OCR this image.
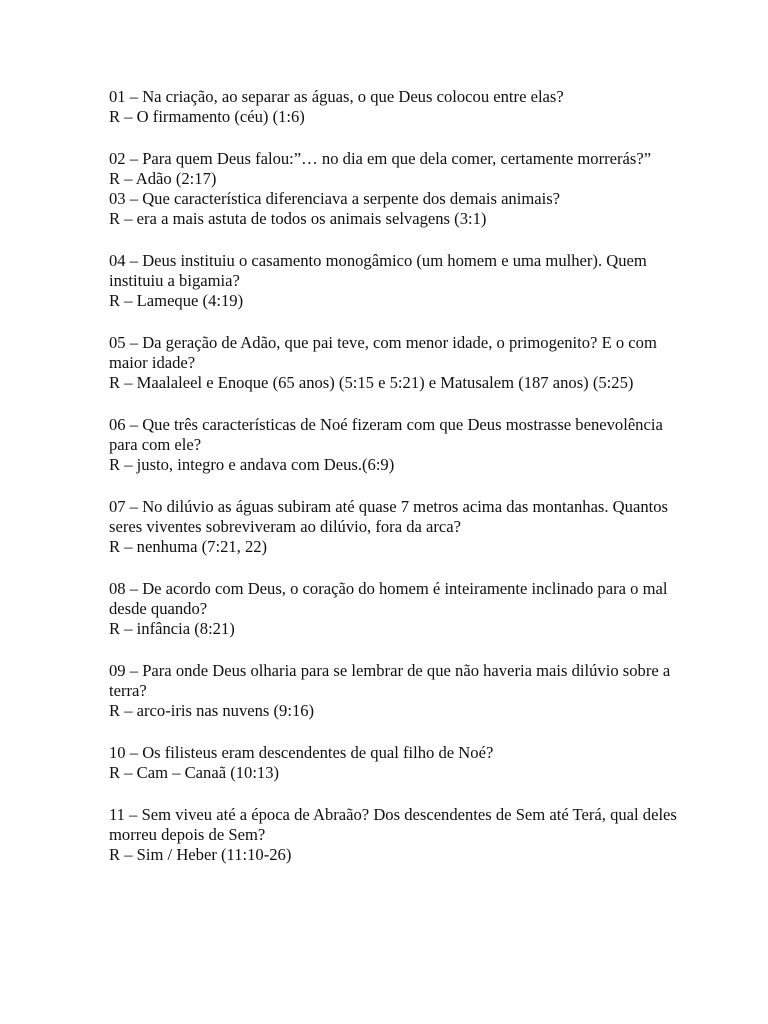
01 – Na criação, ao separar as águas, o que Deus colocou entre elas?

R – O firmamento (céu) (1:6)

02 – Para quem Deus falou:”… no dia em que dela comer, certamente morrerás?”

R – Adão (2:17)

03 – Que característica diferenciava a serpente dos demais animais?

R – era a mais astuta de todos os animais selvagens (3:1)

04 – Deus instituiu o casamento monogâmico (um homem e uma mulher). Quem instituiu a bigamia?

R – Lameque (4:19)

05 – Da geração de Adão, que pai teve, com menor idade, o primogenito? E o com maior idade?

R – Maalaleel e Enoque (65 anos) (5:15 e 5:21) e Matusalem (187 anos) (5:25)

06 – Que três características de Noé fizeram com que Deus mostrasse benevolência para com ele?

R – justo, integro e andava com Deus.(6:9)

07 – No dilúvio as águas subiram até quase 7 metros acima das montanhas. Quantos seres viventes sobreviveram ao dilúvio, fora da arca?

R – nenhuma (7:21, 22)

08 – De acordo com Deus, o coração do homem é inteiramente inclinado para o mal desde quando?

R – infância (8:21)

09 – Para onde Deus olharia para se lembrar de que não haveria mais dilúvio sobre a terra?

R – arco-iris nas nuvens (9:16)

10 – Os filisteus eram descendentes de qual filho de Noé?

R – Cam – Canaã (10:13)

11 – Sem viveu até a época de Abraão? Dos descendentes de Sem até Terá, qual deles morreu depois de Sem?

R – Sim / Heber (11:10-26)
